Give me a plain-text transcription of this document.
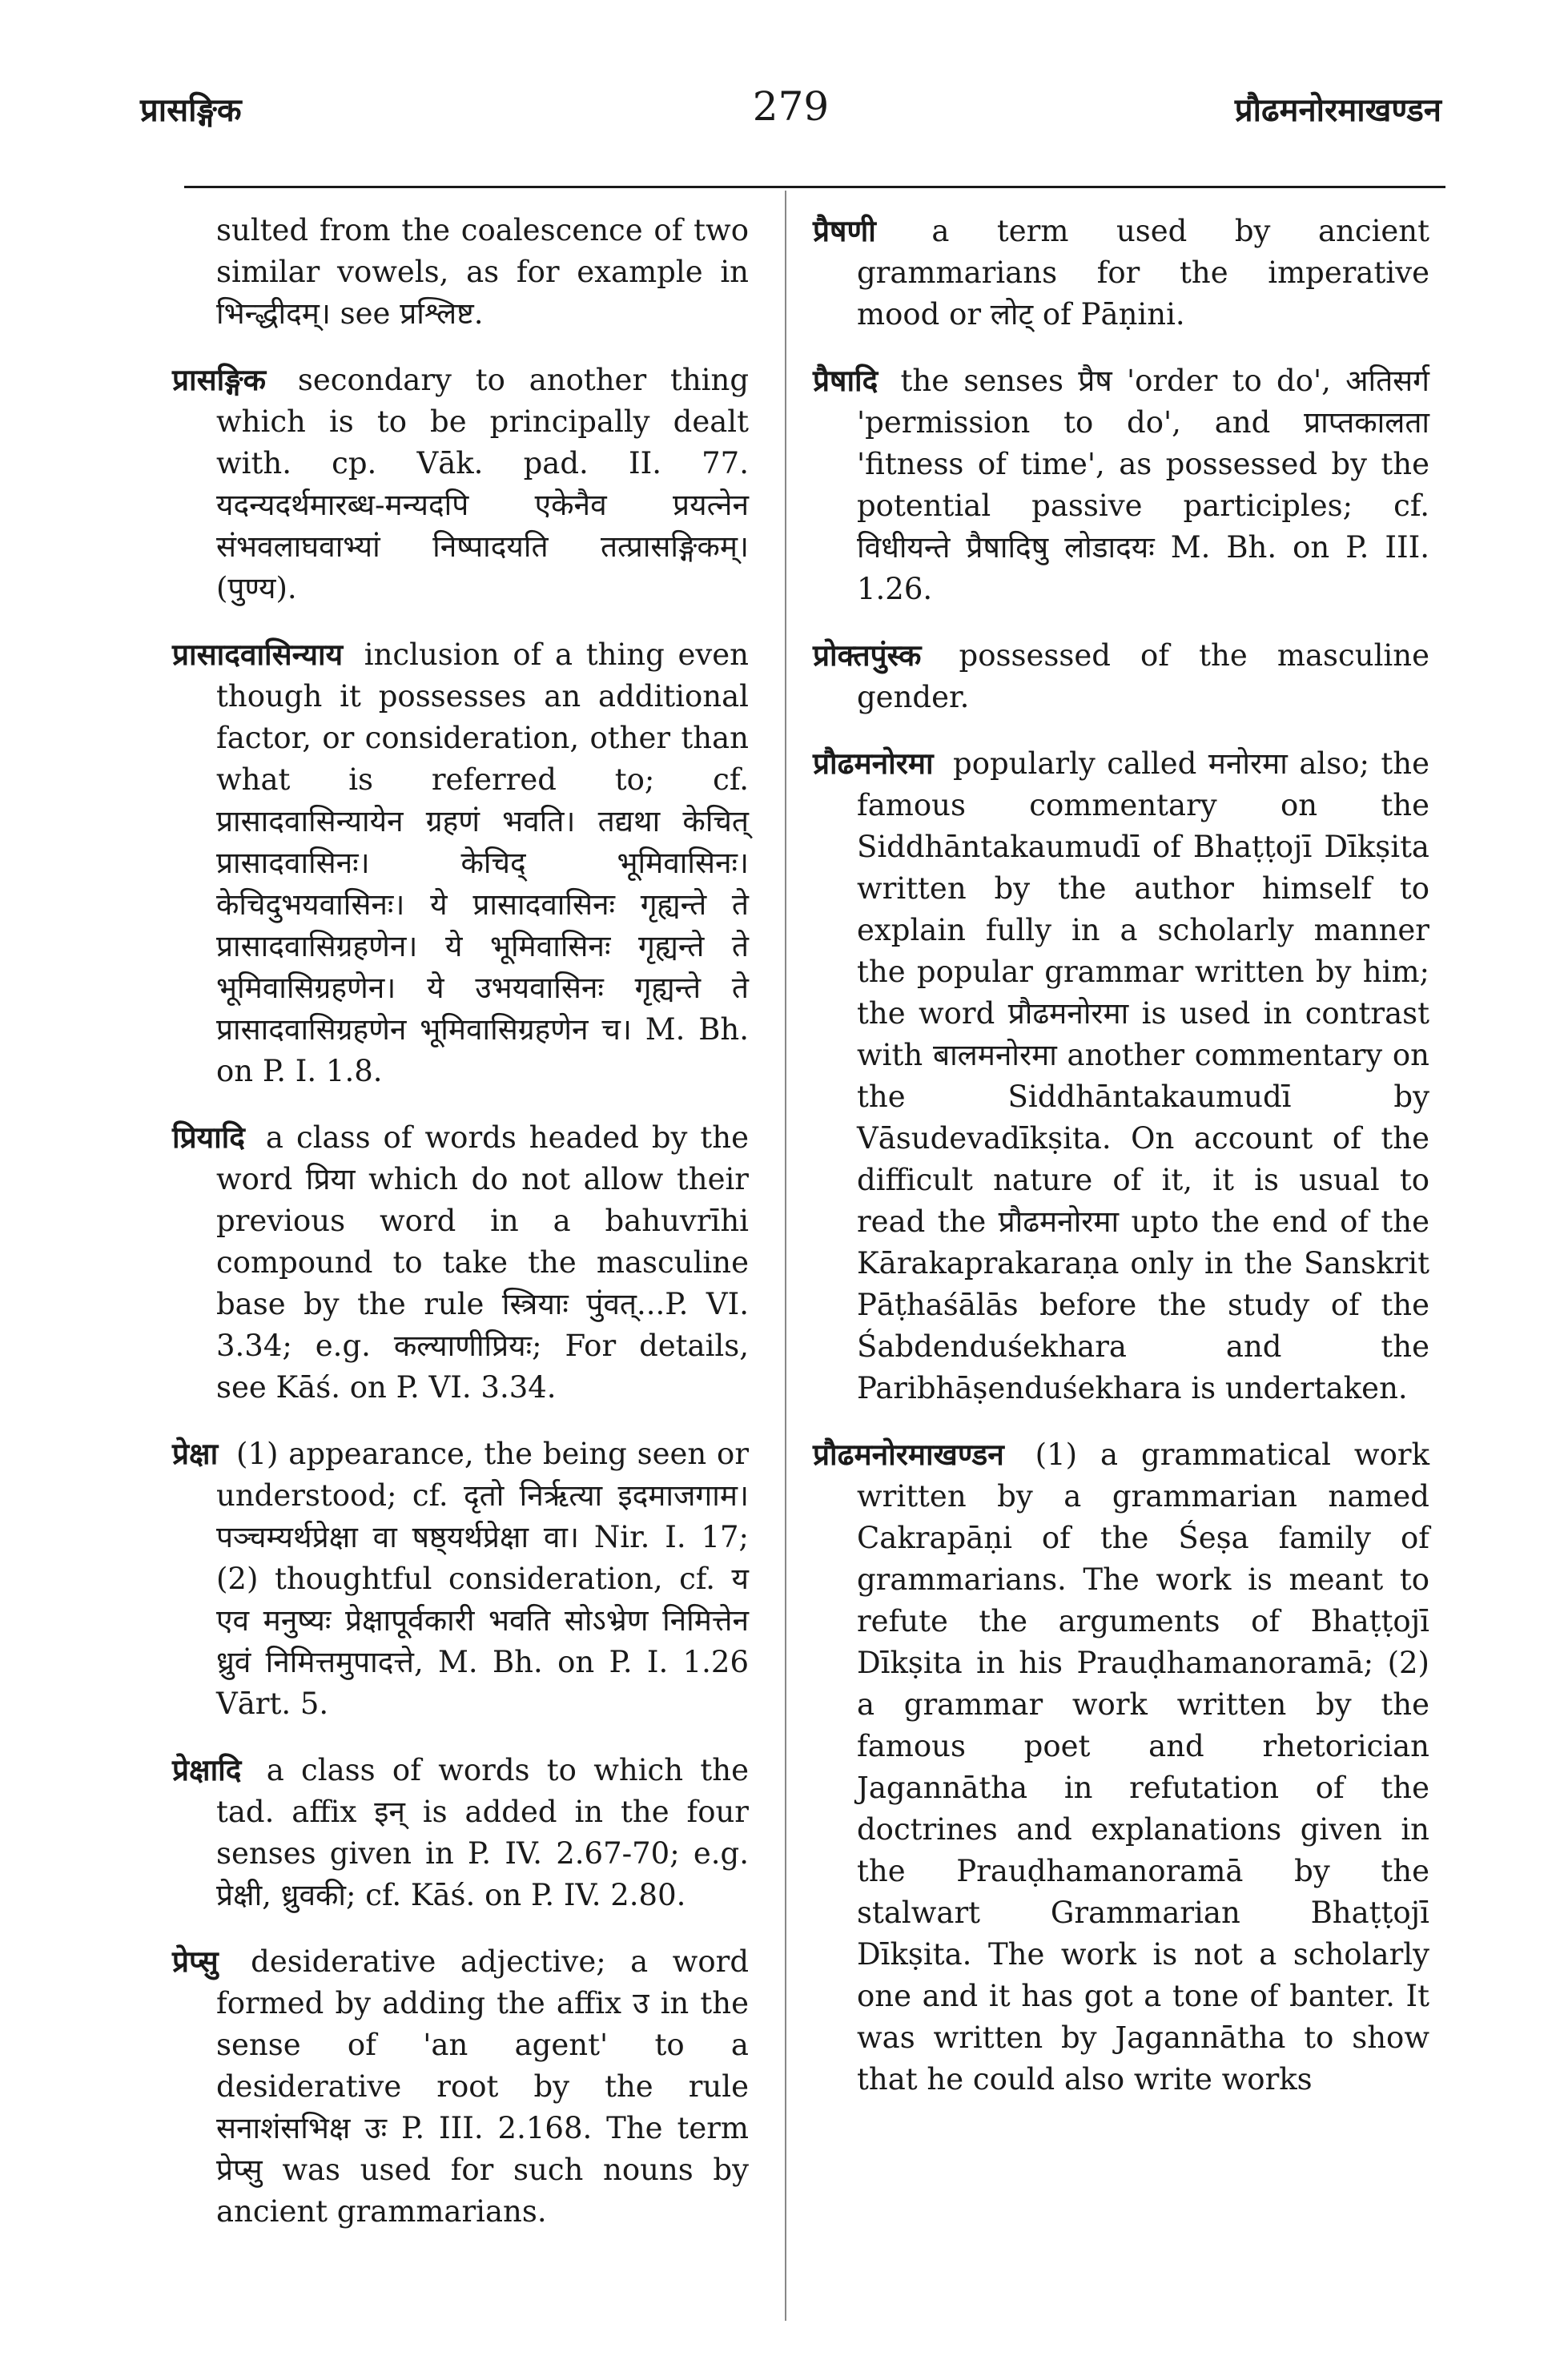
प्रासङ्गिक	279	प्रौढमनोरमाखण्डन

sulted from the coalescence of two similar vowels, as for example in भिन्द्धीदम्। see प्रश्लिष्ट.

प्रासङ्गिक secondary to another thing which is to be principally dealt with. cp. Vāk. pad. II. 77. यदन्यदर्थमारब्ध-मन्यदपि एकेनैव प्रयत्नेन संभवलाघवाभ्यां निष्पादयति तत्प्रासङ्गिकम्। (पुण्य).

प्रासादवासिन्याय inclusion of a thing even though it possesses an additional factor, or consideration, other than what is referred to; cf. प्रासादवासिन्यायेन ग्रहणं भवति। तद्यथा केचित् प्रासादवासिनः। केचिद् भूमिवासिनः। केचिदुभयवासिनः। ये प्रासादवासिनः गृह्यन्ते ते प्रासादवासिग्रहणेन। ये भूमिवासिनः गृह्यन्ते ते भूमिवासिग्रहणेन। ये उभयवासिनः गृह्यन्ते ते प्रासादवासिग्रहणेन भूमिवासिग्रहणेन च। M. Bh. on P. I. 1.8.

प्रियादि a class of words headed by the word प्रिया which do not allow their previous word in a bahuvrīhi compound to take the masculine base by the rule स्त्रियाः पुंवत्...P. VI. 3.34; e.g. कल्याणीप्रियः; For details, see Kāś. on P. VI. 3.34.

प्रेक्षा (1) appearance, the being seen or understood; cf. दृतो निर्ऋत्या इदमाजगाम। पञ्चम्यर्थप्रेक्षा वा षष्ठ्यर्थप्रेक्षा वा। Nir. I. 17; (2) thoughtful consideration, cf. य एव मनुष्यः प्रेक्षापूर्वकारी भवति सोऽभ्रेण निमित्तेन ध्रुवं निमित्तमुपादत्ते, M. Bh. on P. I. 1.26 Vārt. 5.

प्रेक्षादि a class of words to which the tad. affix इन् is added in the four senses given in P. IV. 2.67-70; e.g. प्रेक्षी, ध्रुवकी; cf. Kāś. on P. IV. 2.80.

प्रेप्सु desiderative adjective; a word formed by adding the affix उ in the sense of 'an agent' to a desiderative root by the rule सनाशंसभिक्ष उः P. III. 2.168. The term प्रेप्सु was used for such nouns by ancient grammarians.

प्रैषणी a term used by ancient grammarians for the imperative mood or लोट् of Pāṇini.

प्रैषादि the senses प्रैष 'order to do', अतिसर्ग 'permission to do', and प्राप्तकालता 'fitness of time', as possessed by the potential passive participles; cf. विधीयन्ते प्रैषादिषु लोडादयः M. Bh. on P. III. 1.26.

प्रोक्तपुंस्क possessed of the masculine gender.

प्रौढमनोरमा popularly called मनोरमा also; the famous commentary on the Siddhāntakaumudī of Bhaṭṭojī Dīkṣita written by the author himself to explain fully in a scholarly manner the popular grammar written by him; the word प्रौढमनोरमा is used in contrast with बालमनोरमा another commentary on the Siddhāntakaumudī by Vāsudevadīkṣita. On account of the difficult nature of it, it is usual to read the प्रौढमनोरमा upto the end of the Kārakaprakaraṇa only in the Sanskrit Pāṭhaśālās before the study of the Śabdenduśekhara and the Paribhāṣenduśekhara is undertaken.

प्रौढमनोरमाखण्डन (1) a grammatical work written by a grammarian named Cakrapāṇi of the Śeṣa family of grammarians. The work is meant to refute the arguments of Bhaṭṭojī Dīkṣita in his Prauḍhamanoramā; (2) a grammar work written by the famous poet and rhetorician Jagannātha in refutation of the doctrines and explanations given in the Prauḍhamanoramā by the stalwart Grammarian Bhaṭṭojī Dīkṣita. The work is not a scholarly one and it has got a tone of banter. It was written by Jagannātha to show that he could also write works
